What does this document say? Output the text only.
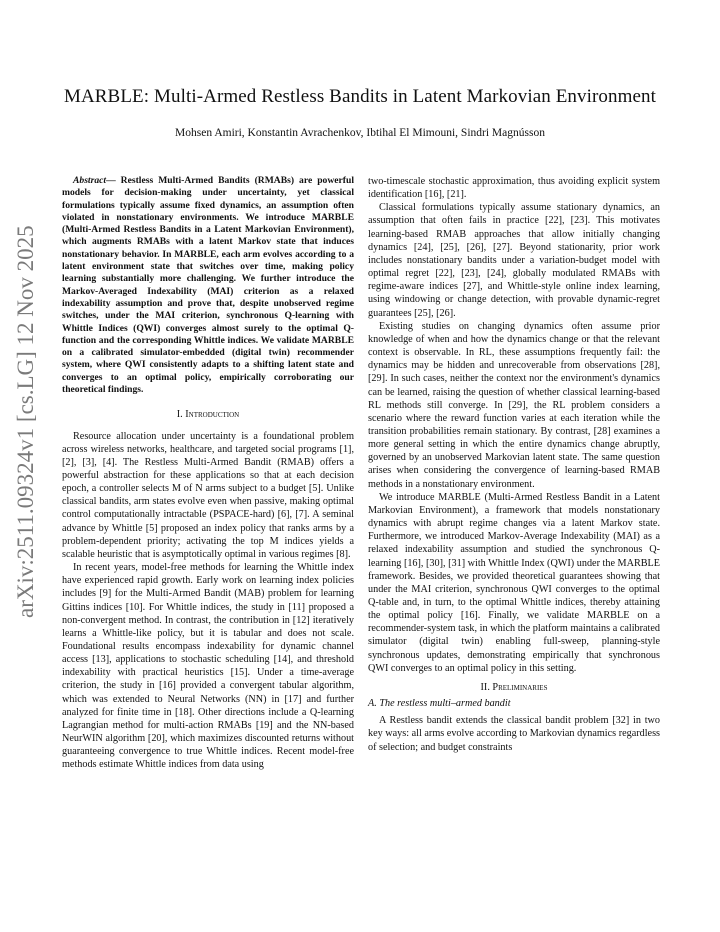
arXiv:2511.09324v1 [cs.LG] 12 Nov 2025
MARBLE: Multi-Armed Restless Bandits in Latent Markovian Environment
Mohsen Amiri, Konstantin Avrachenkov, Ibtihal El Mimouni, Sindri Magnússon

Abstract— Restless Multi-Armed Bandits (RMABs) are powerful models for decision-making under uncertainty, yet classical formulations typically assume fixed dynamics, an assumption often violated in nonstationary environments. We introduce MARBLE (Multi-Armed Restless Bandits in a Latent Markovian Environment), which augments RMABs with a latent Markov state that induces nonstationary behavior. In MARBLE, each arm evolves according to a latent environment state that switches over time, making policy learning substantially more challenging. We further introduce the Markov-Averaged Indexability (MAI) criterion as a relaxed indexability assumption and prove that, despite unobserved regime switches, under the MAI criterion, synchronous Q-learning with Whittle Indices (QWI) converges almost surely to the optimal Q-function and the corresponding Whittle indices. We validate MARBLE on a calibrated simulator-embedded (digital twin) recommender system, where QWI consistently adapts to a shifting latent state and converges to an optimal policy, empirically corroborating our theoretical findings.

I. Introduction

Resource allocation under uncertainty is a foundational problem across wireless networks, healthcare, and targeted social programs [1], [2], [3], [4]. The Restless Multi-Armed Bandit (RMAB) offers a powerful abstraction for these applications so that at each decision epoch, a controller selects M of N arms subject to a budget [5]. Unlike classical bandits, arm states evolve even when passive, making optimal control computationally intractable (PSPACE-hard) [6], [7]. A seminal advance by Whittle [5] proposed an index policy that ranks arms by a problem-dependent priority; activating the top M indices yields a scalable heuristic that is asymptotically optimal in various regimes [8].

In recent years, model-free methods for learning the Whittle index have experienced rapid growth. Early work on learning index policies includes [9] for the Multi-Armed Bandit (MAB) problem for learning Gittins indices [10]. For Whittle indices, the study in [11] proposed a non-convergent method. In contrast, the contribution in [12] iteratively learns a Whittle-like policy, but it is tabular and does not scale. Foundational results encompass indexability for dynamic channel access [13], applications to stochastic scheduling [14], and threshold indexability with practical heuristics [15]. Under a time-average criterion, the study in [16] provided a convergent tabular algorithm, which was extended to Neural Networks (NN) in [17] and further analyzed for finite time in [18]. Other directions include a Q-learning Lagrangian method for multi-action RMABs [19] and the NN-based NeurWIN algorithm [20], which maximizes discounted returns without guaranteeing convergence to true Whittle indices. Recent model-free methods estimate Whittle indices from data using

two-timescale stochastic approximation, thus avoiding explicit system identification [16], [21].

Classical formulations typically assume stationary dynamics, an assumption that often fails in practice [22], [23]. This motivates learning-based RMAB approaches that allow initially changing dynamics [24], [25], [26], [27]. Beyond stationarity, prior work includes nonstationary bandits under a variation-budget model with optimal regret [22], [23], [24], globally modulated RMABs with regime-aware indices [27], and Whittle-style online index learning, using windowing or change detection, with provable dynamic-regret guarantees [25], [26].

Existing studies on changing dynamics often assume prior knowledge of when and how the dynamics change or that the relevant context is observable. In RL, these assumptions frequently fail: the dynamics may be hidden and unrecoverable from observations [28], [29]. In such cases, neither the context nor the environment's dynamics can be learned, raising the question of whether classical learning-based RL methods still converge. In [29], the RL problem considers a scenario where the reward function varies at each iteration while the transition probabilities remain stationary. By contrast, [28] examines a more general setting in which the entire dynamics change abruptly, governed by an unobserved Markovian latent state. The same question arises when considering the convergence of learning-based RMAB methods in a nonstationary environment.

We introduce MARBLE (Multi-Armed Restless Bandit in a Latent Markovian Environment), a framework that models nonstationary dynamics with abrupt regime changes via a latent Markov state. Furthermore, we introduced Markov-Average Indexability (MAI) as a relaxed indexability assumption and studied the synchronous Q-learning [16], [30], [31] with Whittle Index (QWI) under the MARBLE framework. Besides, we provided theoretical guarantees showing that under the MAI criterion, synchronous QWI converges to the optimal Q-table and, in turn, to the optimal Whittle indices, thereby attaining the optimal policy [16]. Finally, we validate MARBLE on a recommender-system task, in which the platform maintains a calibrated simulator (digital twin) enabling full-sweep, planning-style synchronous updates, demonstrating empirically that synchronous QWI converges to an optimal policy in this setting.

II. Preliminaries
A. The restless multi–armed bandit

A Restless bandit extends the classical bandit problem [32] in two key ways: all arms evolve according to Markovian dynamics regardless of selection; and budget constraints
